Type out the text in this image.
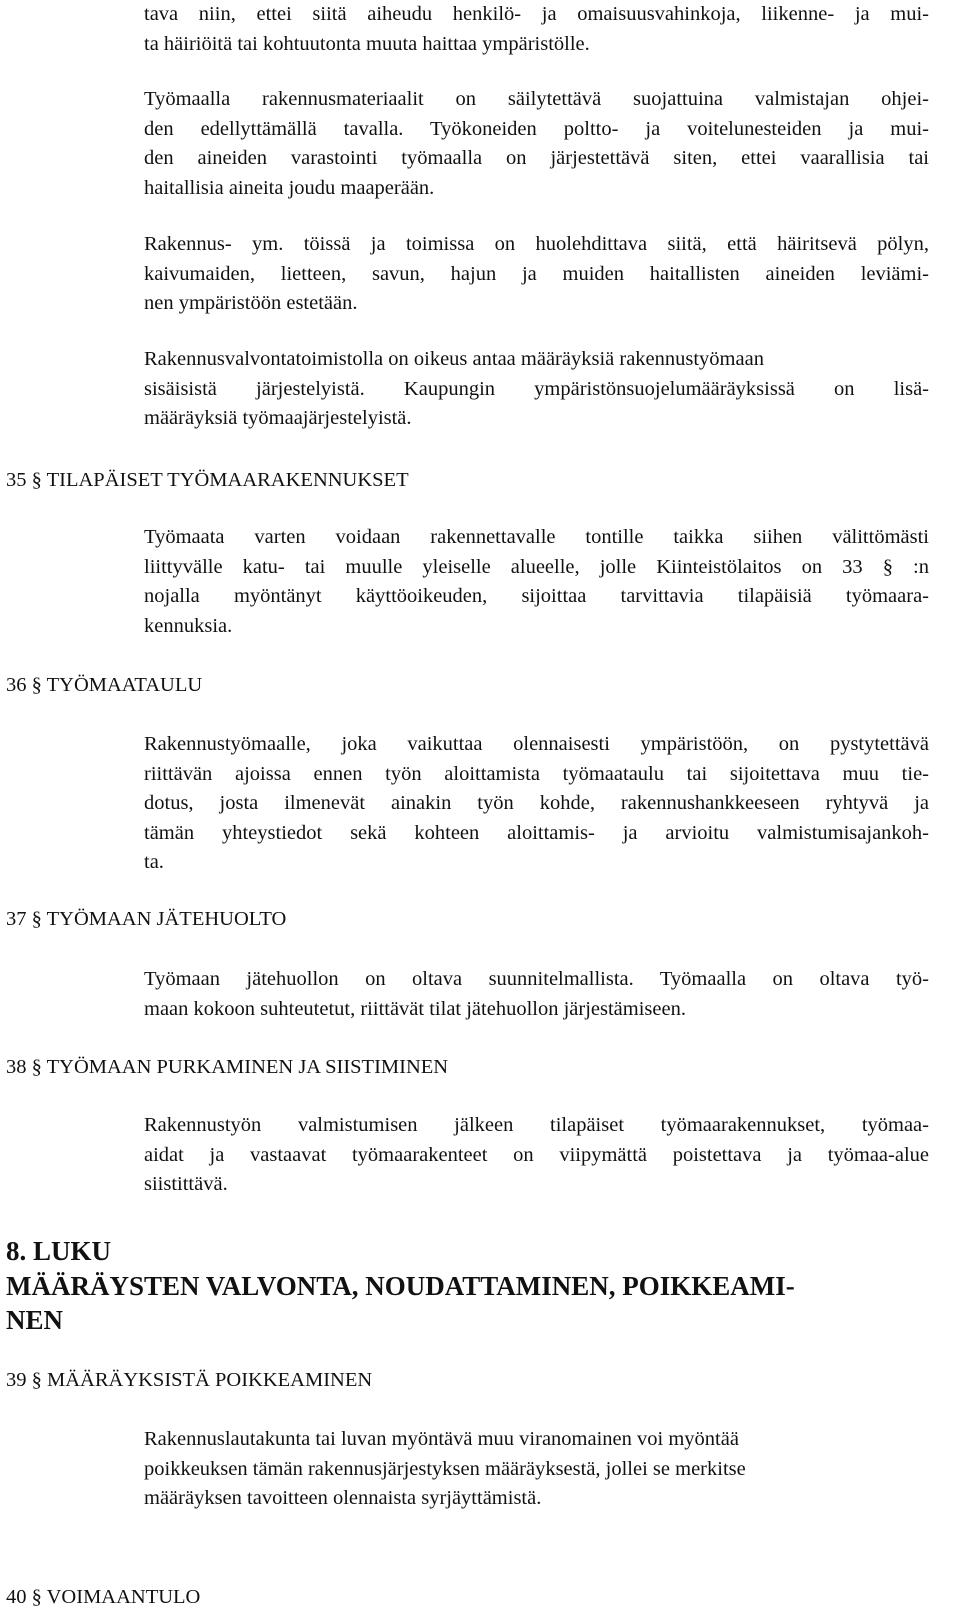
tava niin, ettei siitä aiheudu henkilö- ja omaisuusvahinkoja, liikenne- ja mui-
ta häiriöitä tai kohtuutonta muuta haittaa ympäristölle.

Työmaalla rakennusmateriaalit on säilytettävä suojattuina valmistajan ohjei-
den edellyttämällä tavalla. Työkoneiden poltto- ja voitelunesteiden ja mui-
den aineiden varastointi työmaalla on järjestettävä siten, ettei vaarallisia tai
haitallisia aineita joudu maaperään.

Rakennus- ym. töissä ja toimissa on huolehdittava siitä, että häiritsevä pölyn,
kaivumaiden, lietteen, savun, hajun ja muiden haitallisten aineiden leviämi-
nen ympäristöön estetään.

Rakennusvalvontatoimistolla on oikeus antaa määräyksiä rakennustyömaan
sisäisistä järjestelyistä. Kaupungin ympäristönsuojelumääräyksissä on lisä-
määräyksiä työmaajärjestelyistä.

35 § TILAPÄISET TYÖMAARAKENNUKSET

Työmaata varten voidaan rakennettavalle tontille taikka siihen välittömästi
liittyvälle katu- tai muulle yleiselle alueelle, jolle Kiinteistölaitos on 33 § :n
nojalla myöntänyt käyttöoikeuden, sijoittaa tarvittavia tilapäisiä työmaara-
kennuksia.

36 § TYÖMAATAULU

Rakennustyömaalle, joka vaikuttaa olennaisesti ympäristöön, on pystytettävä
riittävän ajoissa ennen työn aloittamista työmaataulu tai sijoitettava muu tie-
dotus, josta ilmenevät ainakin työn kohde, rakennushankkeeseen ryhtyvä ja
tämän yhteystiedot sekä kohteen aloittamis- ja arvioitu valmistumisajankoh-
ta.

37 § TYÖMAAN JÄTEHUOLTO

Työmaan jätehuollon on oltava suunnitelmallista. Työmaalla on oltava työ-
maan kokoon suhteutetut, riittävät tilat jätehuollon järjestämiseen.

38 § TYÖMAAN PURKAMINEN JA SIISTIMINEN

Rakennustyön valmistumisen jälkeen tilapäiset työmaarakennukset, työmaa-
aidat ja vastaavat työmaarakenteet on viipymättä poistettava ja työmaa-alue
siistittävä.

8. LUKU
MÄÄRÄYSTEN VALVONTA, NOUDATTAMINEN, POIKKEAMI-
NEN
39 § MÄÄRÄYKSISTÄ POIKKEAMINEN

Rakennuslautakunta tai luvan myöntävä muu viranomainen voi myöntää
poikkeuksen tämän rakennusjärjestyksen määräyksestä, jollei se merkitse
määräyksen tavoitteen olennaista syrjäyttämistä.

40 § VOIMAANTULO
